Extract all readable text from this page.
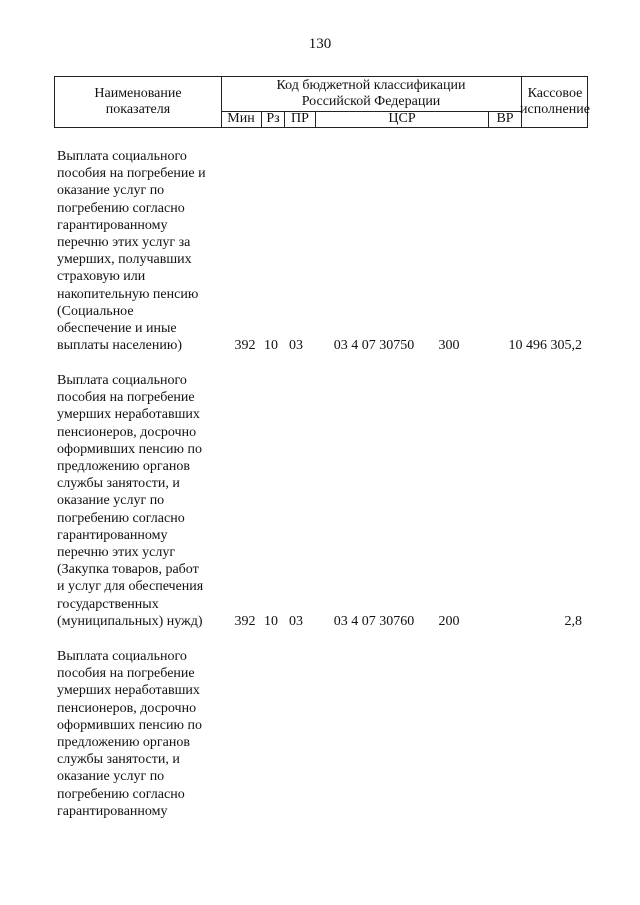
130
Наименование
показателя
Код бюджетной классификации
Российской Федерации
Мин Рз ПР	ЦСР	ВР
Кассовое
исполнение
Выплата социального
пособия на погребение и
оказание услуг по
погребению согласно
гарантированному
перечню этих услуг за
умерших, получавших
страховую или
накопительную пенсию
(Социальное
обеспечение и иные
выплаты населению)	392 10 03	03 4 07 30750	300	10 496 305,2
Выплата социального
пособия на погребение
умерших неработавших
пенсионеров, досрочно
оформивших пенсию по
предложению органов
службы занятости, и
оказание услуг по
погребению согласно
гарантированному
перечню этих услуг
(Закупка товаров, работ
и услуг для обеспечения
государственных
(муниципальных) нужд)	392 10 03	03 4 07 30760	200	2,8
Выплата социального
пособия на погребение
умерших неработавших
пенсионеров, досрочно
оформивших пенсию по
предложению органов
службы занятости, и
оказание услуг по
погребению согласно
гарантированному
